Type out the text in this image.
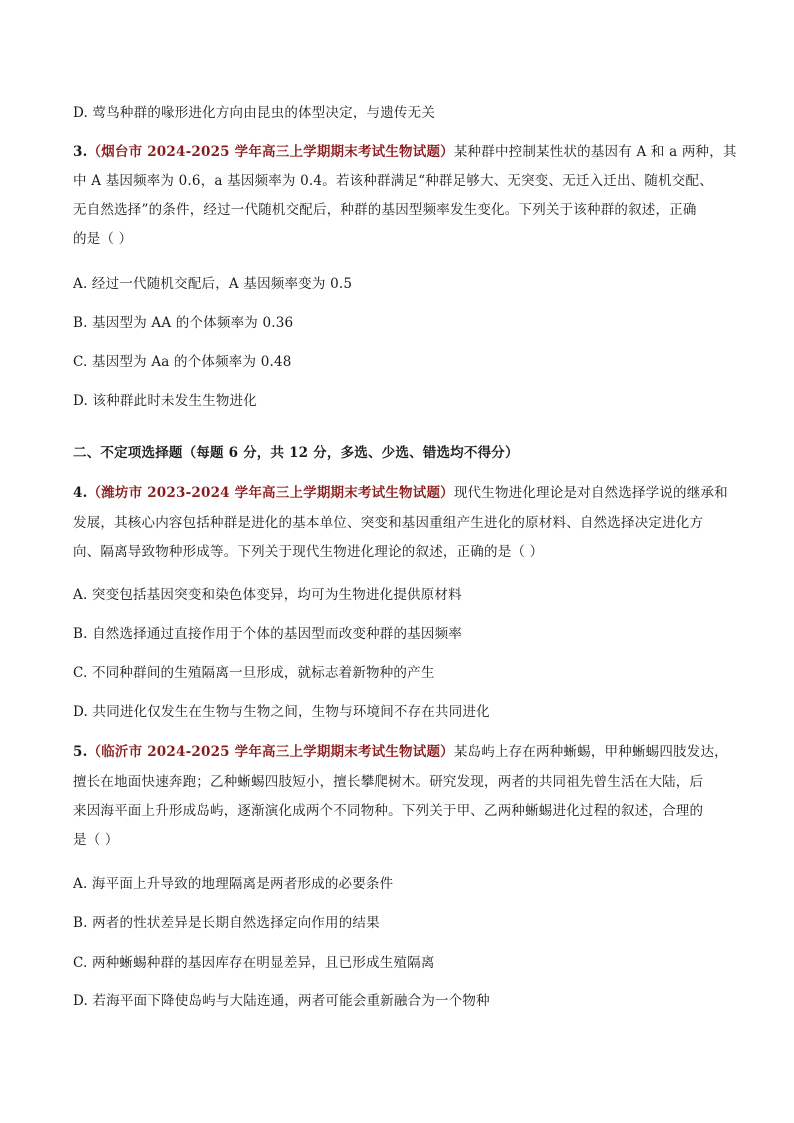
D. 莺鸟种群的喙形进化方向由昆虫的体型决定，与遗传无关
3.（烟台市 2024-2025 学年高三上学期期末考试生物试题）某种群中控制某性状的基因有 A 和 a 两种，其
中 A 基因频率为 0.6，a 基因频率为 0.4。若该种群满足“种群足够大、无突变、无迁入迁出、随机交配、
无自然选择”的条件，经过一代随机交配后，种群的基因型频率发生变化。下列关于该种群的叙述，正确
的是（ ）
A. 经过一代随机交配后，A 基因频率变为 0.5
B. 基因型为 AA 的个体频率为 0.36
C. 基因型为 Aa 的个体频率为 0.48
D. 该种群此时未发生生物进化
二、不定项选择题（每题 6 分，共 12 分，多选、少选、错选均不得分）
4.（潍坊市 2023-2024 学年高三上学期期末考试生物试题）现代生物进化理论是对自然选择学说的继承和
发展，其核心内容包括种群是进化的基本单位、突变和基因重组产生进化的原材料、自然选择决定进化方
向、隔离导致物种形成等。下列关于现代生物进化理论的叙述，正确的是（ ）
A. 突变包括基因突变和染色体变异，均可为生物进化提供原材料
B. 自然选择通过直接作用于个体的基因型而改变种群的基因频率
C. 不同种群间的生殖隔离一旦形成，就标志着新物种的产生
D. 共同进化仅发生在生物与生物之间，生物与环境间不存在共同进化
5.（临沂市 2024-2025 学年高三上学期期末考试生物试题）某岛屿上存在两种蜥蜴，甲种蜥蜴四肢发达，
擅长在地面快速奔跑；乙种蜥蜴四肢短小，擅长攀爬树木。研究发现，两者的共同祖先曾生活在大陆，后
来因海平面上升形成岛屿，逐渐演化成两个不同物种。下列关于甲、乙两种蜥蜴进化过程的叙述，合理的
是（ ）
A. 海平面上升导致的地理隔离是两者形成的必要条件
B. 两者的性状差异是长期自然选择定向作用的结果
C. 两种蜥蜴种群的基因库存在明显差异，且已形成生殖隔离
D. 若海平面下降使岛屿与大陆连通，两者可能会重新融合为一个物种
